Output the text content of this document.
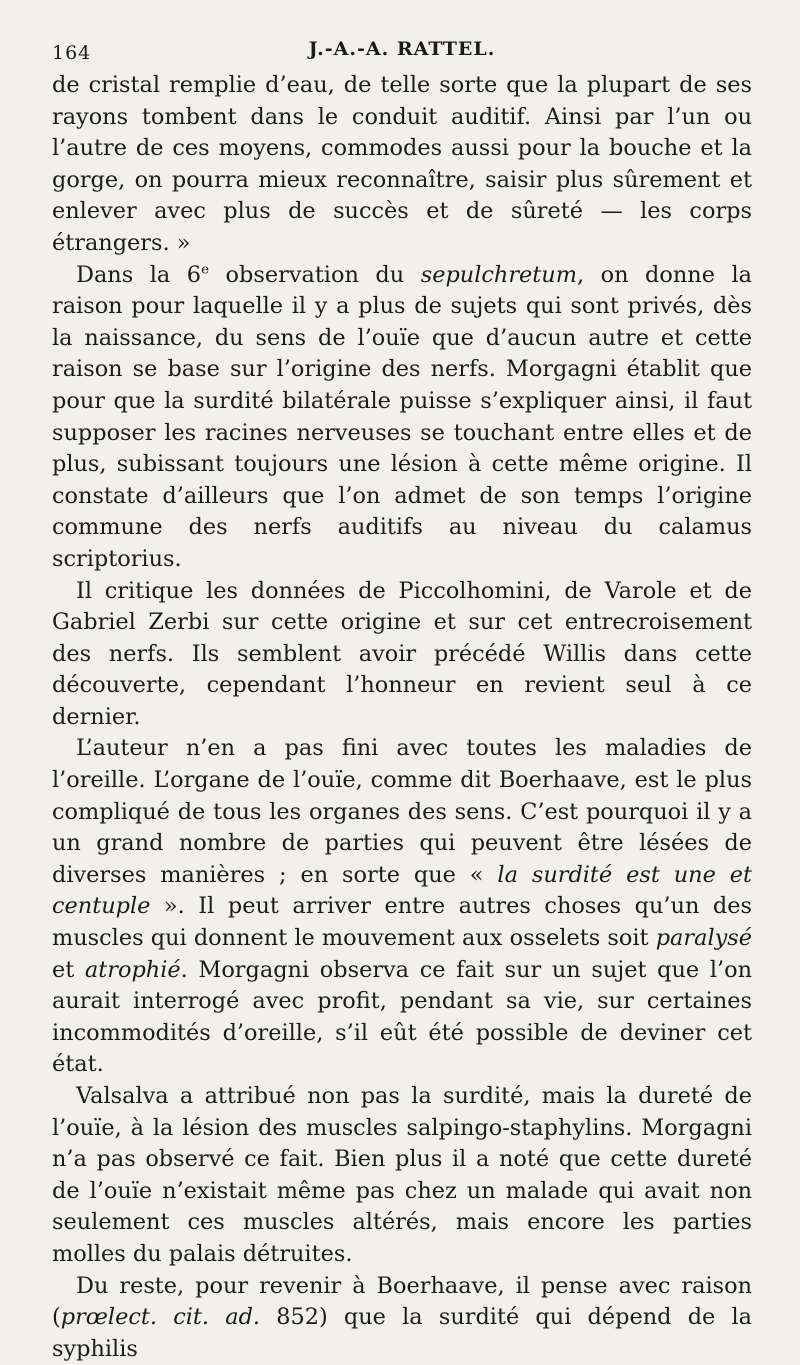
164	J.-A.-A. RATTEL.

de cristal remplie d’eau, de telle sorte que la plupart de ses rayons tombent dans le conduit auditif. Ainsi par l’un ou l’autre de ces moyens, commodes aussi pour la bouche et la gorge, on pourra mieux reconnaître, saisir plus sûrement et enlever avec plus de succès et de sûreté — les corps étrangers. »

Dans la 6e observation du sepulchretum, on donne la raison pour laquelle il y a plus de sujets qui sont privés, dès la naissance, du sens de l’ouïe que d’aucun autre et cette raison se base sur l’origine des nerfs. Morgagni établit que pour que la surdité bilatérale puisse s’expliquer ainsi, il faut supposer les racines nerveuses se touchant entre elles et de plus, subissant toujours une lésion à cette même origine. Il constate d’ailleurs que l’on admet de son temps l’origine commune des nerfs auditifs au niveau du calamus scriptorius.

Il critique les données de Piccolhomini, de Varole et de Gabriel Zerbi sur cette origine et sur cet entrecroisement des nerfs. Ils semblent avoir précédé Willis dans cette découverte, cependant l’honneur en revient seul à ce dernier.

L’auteur n’en a pas fini avec toutes les maladies de l’oreille. L’organe de l’ouïe, comme dit Boerhaave, est le plus compliqué de tous les organes des sens. C’est pourquoi il y a un grand nombre de parties qui peuvent être lésées de diverses manières ; en sorte que « la surdité est une et centuple ». Il peut arriver entre autres choses qu’un des muscles qui donnent le mouvement aux osselets soit paralysé et atrophié. Morgagni observa ce fait sur un sujet que l’on aurait interrogé avec profit, pendant sa vie, sur certaines incommodités d’oreille, s’il eût été possible de deviner cet état.

Valsalva a attribué non pas la surdité, mais la dureté de l’ouïe, à la lésion des muscles salpingo-staphylins. Morgagni n’a pas observé ce fait. Bien plus il a noté que cette dureté de l’ouïe n’existait même pas chez un malade qui avait non seulement ces muscles altérés, mais encore les parties molles du palais détruites.

Du reste, pour revenir à Boerhaave, il pense avec raison (prœlect. cit. ad. 852) que la surdité qui dépend de la syphilis
